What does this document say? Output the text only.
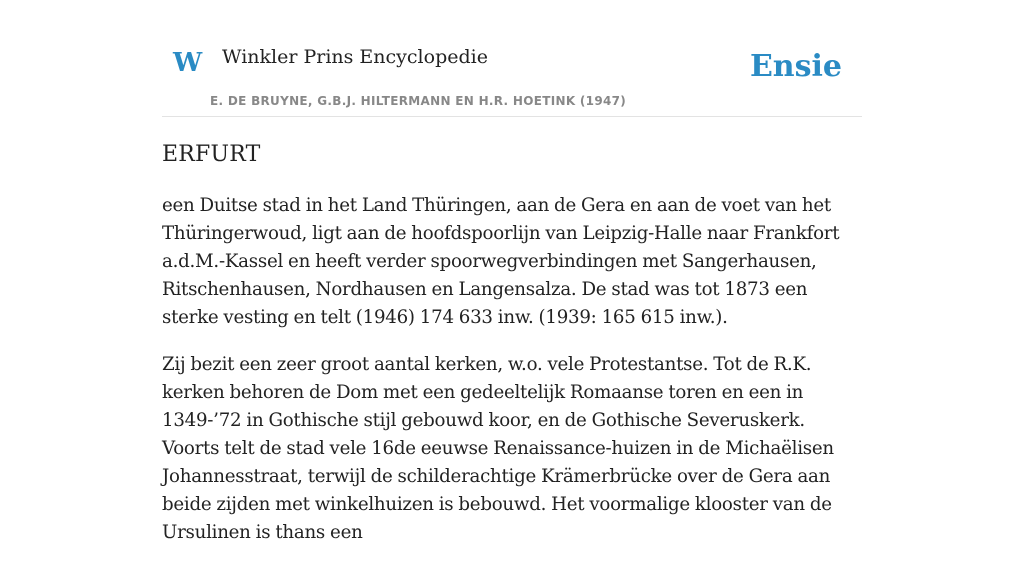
W Winkler Prins Encyclopedie
E. DE BRUYNE, G.B.J. HILTERMANN EN H.R. HOETINK (1947)
Ensie
ERFURT

een Duitse stad in het Land Thüringen, aan de Gera en aan de voet van het Thüringerwoud, ligt aan de hoofdspoorlijn van Leipzig-Halle naar Frankfort a.d.M.-Kassel en heeft verder spoorwegverbindingen met Sangerhausen, Ritschenhausen, Nordhausen en Langensalza. De stad was tot 1873 een sterke vesting en telt (1946) 174 633 inw. (1939: 165 615 inw.).

Zij bezit een zeer groot aantal kerken, w.o. vele Protestantse. Tot de R.K. kerken behoren de Dom met een gedeeltelijk Romaanse toren en een in 1349-’72 in Gothische stijl gebouwd koor, en de Gothische Severuskerk. Voorts telt de stad vele 16de eeuwse Renaissance-huizen in de Michaëlisen Johannesstraat, terwijl de schilderachtige Krämerbrücke over de Gera aan beide zijden met winkelhuizen is bebouwd. Het voormalige klooster van de Ursulinen is thans een
